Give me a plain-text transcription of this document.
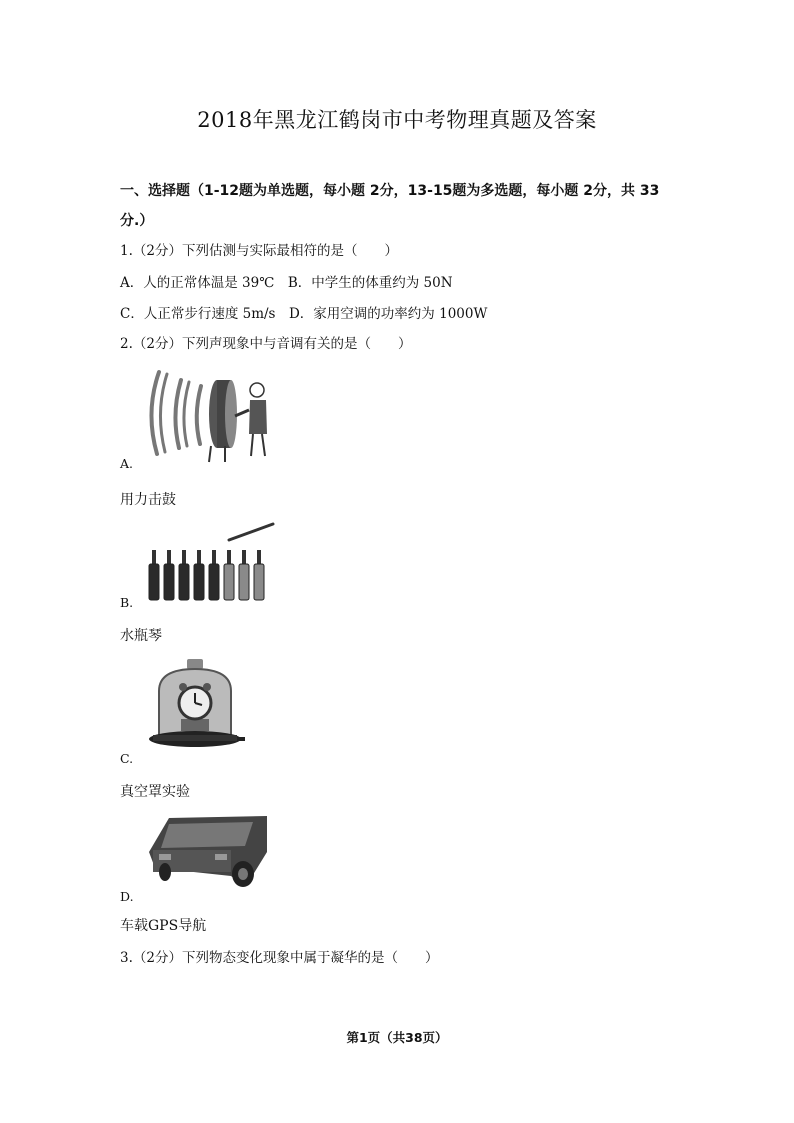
2018年黑龙江鹤岗市中考物理真题及答案
一、选择题（1-12题为单选题，每小题 2分，13-15题为多选题，每小题 2分，共 33
分.）
1.（2分）下列估测与实际最相符的是（　　）
A．人的正常体温是 39℃　B．中学生的体重约为 50N
C．人正常步行速度 5m/s　D．家用空调的功率约为 1000W
2.（2分）下列声现象中与音调有关的是（　　）
A.
用力击鼓
B.
水瓶琴
C.
真空罩实验
D.
车载GPS导航
3.（2分）下列物态变化现象中属于凝华的是（　　）
第1页（共38页）
